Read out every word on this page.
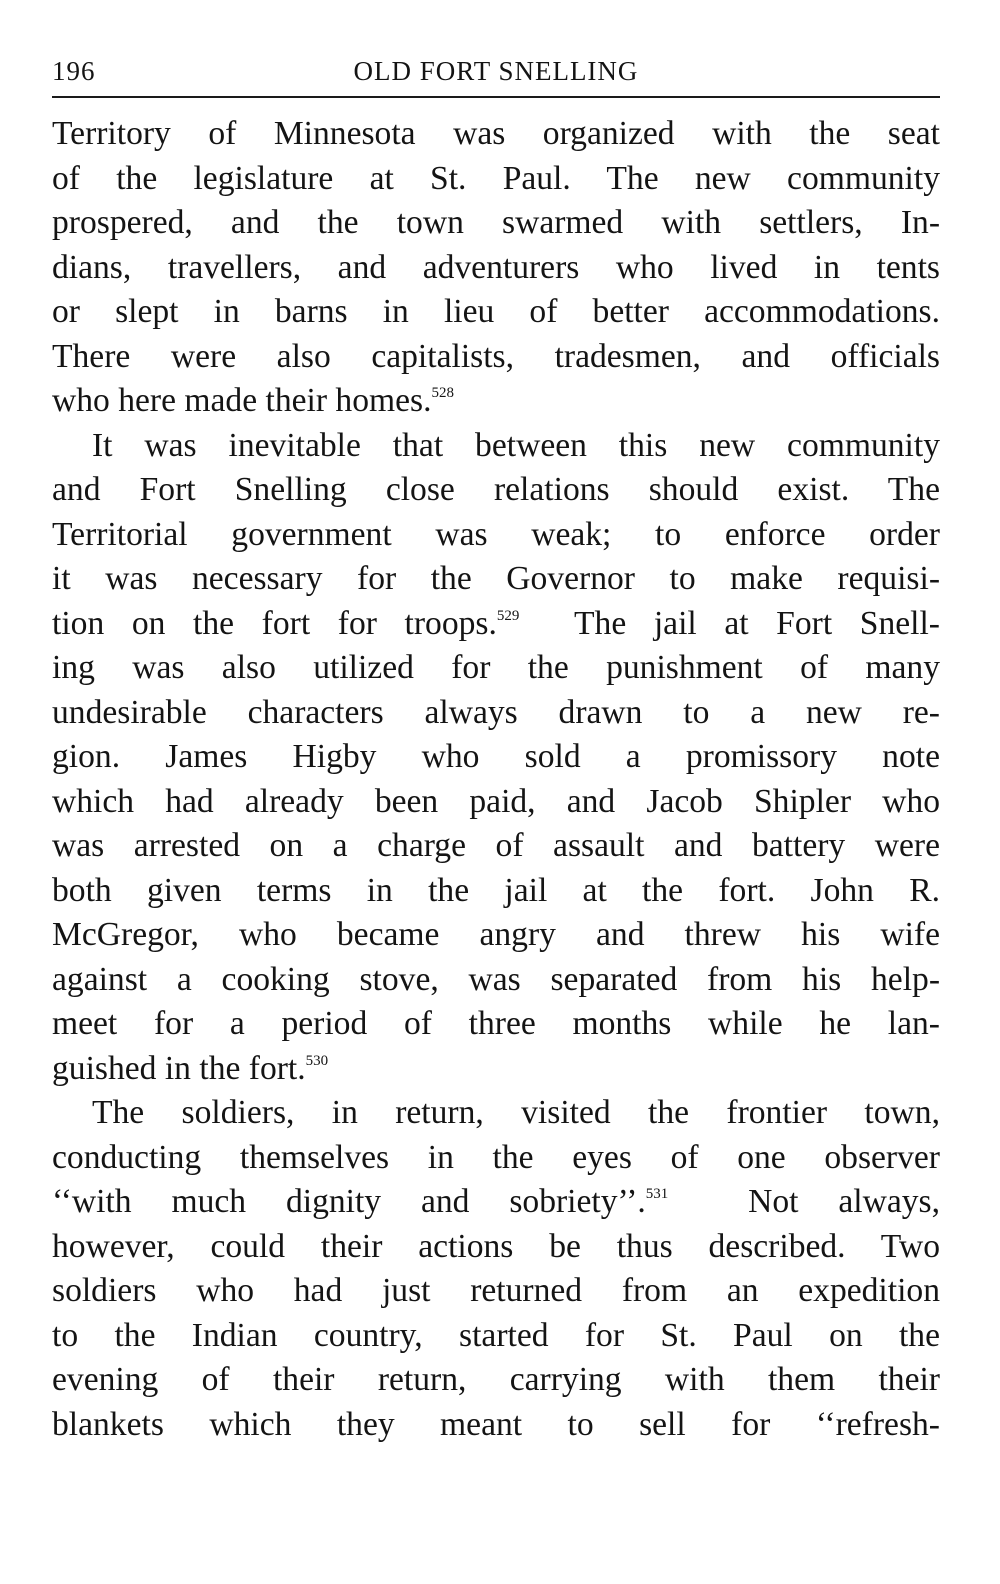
196	OLD FORT SNELLING

Territory of Minnesota was organized with the seat
of the legislature at St. Paul. The new community
prospered, and the town swarmed with settlers, In-
dians, travellers, and adventurers who lived in tents
or slept in barns in lieu of better accommodations.
There were also capitalists, tradesmen, and officials
who here made their homes.$^{528}$

It was inevitable that between this new community
and Fort Snelling close relations should exist. The
Territorial government was weak; to enforce order
it was necessary for the Governor to make requisi-
tion on the fort for troops.$^{529}$ The jail at Fort Snell-
ing was also utilized for the punishment of many
undesirable characters always drawn to a new re-
gion. James Higby who sold a promissory note
which had already been paid, and Jacob Shipler who
was arrested on a charge of assault and battery were
both given terms in the jail at the fort. John R.
McGregor, who became angry and threw his wife
against a cooking stove, was separated from his help-
meet for a period of three months while he lan-
guished in the fort.$^{530}$

The soldiers, in return, visited the frontier town,
conducting themselves in the eyes of one observer
‘‘with much dignity and sobriety’’.$^{531}$ Not always,
however, could their actions be thus described. Two
soldiers who had just returned from an expedition
to the Indian country, started for St. Paul on the
evening of their return, carrying with them their
blankets which they meant to sell for ‘‘refresh-
